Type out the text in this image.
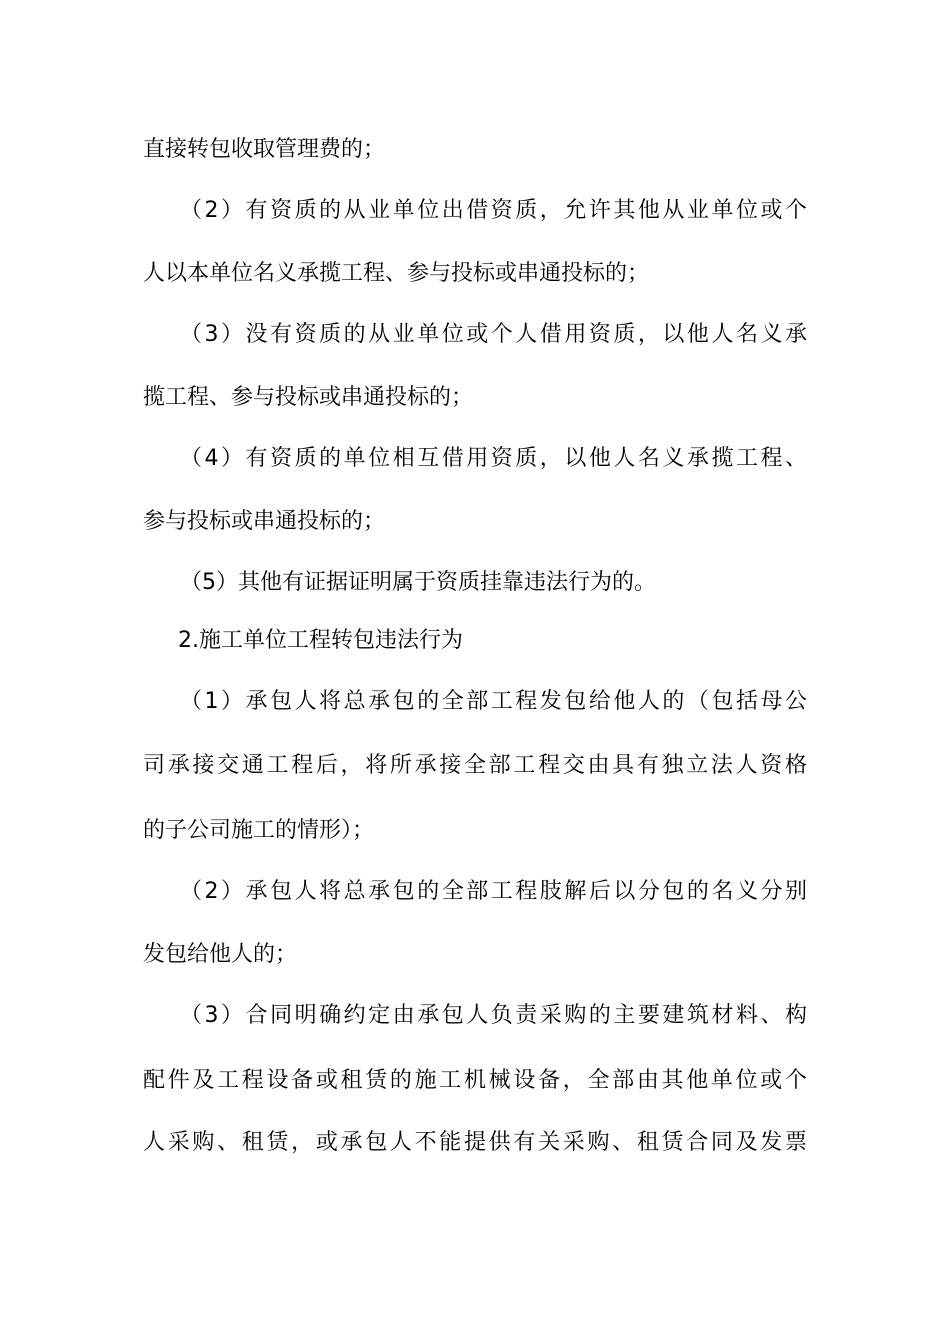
直接转包收取管理费的；
（2）有资质的从业单位出借资质，允许其他从业单位或个
人以本单位名义承揽工程、参与投标或串通投标的；
（3）没有资质的从业单位或个人借用资质，以他人名义承
揽工程、参与投标或串通投标的；
（4）有资质的单位相互借用资质，以他人名义承揽工程、
参与投标或串通投标的；
（5）其他有证据证明属于资质挂靠违法行为的。
2.施工单位工程转包违法行为
（1）承包人将总承包的全部工程发包给他人的（包括母公
司承接交通工程后，将所承接全部工程交由具有独立法人资格
的子公司施工的情形）；
（2）承包人将总承包的全部工程肢解后以分包的名义分别
发包给他人的；
（3）合同明确约定由承包人负责采购的主要建筑材料、构
配件及工程设备或租赁的施工机械设备，全部由其他单位或个
人采购、租赁，或承包人不能提供有关采购、租赁合同及发票
